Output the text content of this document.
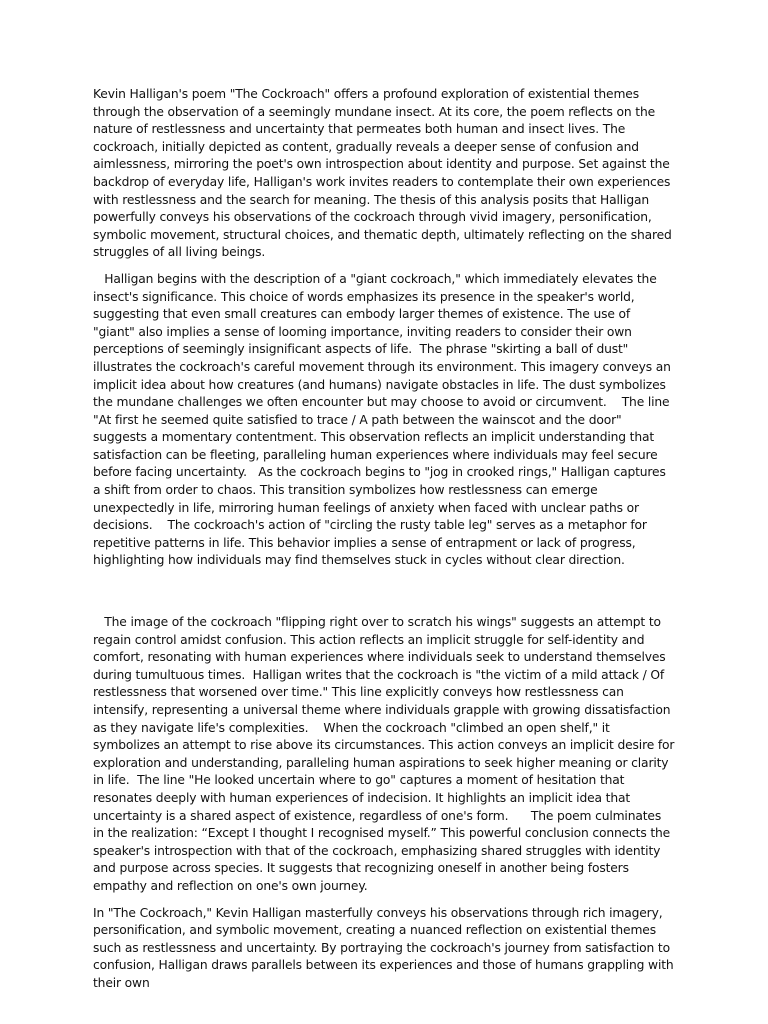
Kevin Halligan's poem "The Cockroach" offers a profound exploration of existential themes through the observation of a seemingly mundane insect. At its core, the poem reflects on the nature of restlessness and uncertainty that permeates both human and insect lives. The cockroach, initially depicted as content, gradually reveals a deeper sense of confusion and aimlessness, mirroring the poet's own introspection about identity and purpose. Set against the backdrop of everyday life, Halligan's work invites readers to contemplate their own experiences with restlessness and the search for meaning. The thesis of this analysis posits that Halligan powerfully conveys his observations of the cockroach through vivid imagery, personification, symbolic movement, structural choices, and thematic depth, ultimately reflecting on the shared struggles of all living beings.

Halligan begins with the description of a "giant cockroach," which immediately elevates the insect's significance. This choice of words emphasizes its presence in the speaker's world, suggesting that even small creatures can embody larger themes of existence. The use of "giant" also implies a sense of looming importance, inviting readers to consider their own perceptions of seemingly insignificant aspects of life.  The phrase "skirting a ball of dust" illustrates the cockroach's careful movement through its environment. This imagery conveys an implicit idea about how creatures (and humans) navigate obstacles in life. The dust symbolizes the mundane challenges we often encounter but may choose to avoid or circumvent.    The line "At first he seemed quite satisfied to trace / A path between the wainscot and the door" suggests a momentary contentment. This observation reflects an implicit understanding that satisfaction can be fleeting, paralleling human experiences where individuals may feel secure before facing uncertainty.   As the cockroach begins to "jog in crooked rings," Halligan captures a shift from order to chaos. This transition symbolizes how restlessness can emerge unexpectedly in life, mirroring human feelings of anxiety when faced with unclear paths or decisions.    The cockroach's action of "circling the rusty table leg" serves as a metaphor for repetitive patterns in life. This behavior implies a sense of entrapment or lack of progress, highlighting how individuals may find themselves stuck in cycles without clear direction.

The image of the cockroach "flipping right over to scratch his wings" suggests an attempt to regain control amidst confusion. This action reflects an implicit struggle for self-identity and comfort, resonating with human experiences where individuals seek to understand themselves during tumultuous times.  Halligan writes that the cockroach is "the victim of a mild attack / Of restlessness that worsened over time." This line explicitly conveys how restlessness can intensify, representing a universal theme where individuals grapple with growing dissatisfaction as they navigate life's complexities.    When the cockroach "climbed an open shelf," it symbolizes an attempt to rise above its circumstances. This action conveys an implicit desire for exploration and understanding, paralleling human aspirations to seek higher meaning or clarity in life.  The line "He looked uncertain where to go" captures a moment of hesitation that resonates deeply with human experiences of indecision. It highlights an implicit idea that uncertainty is a shared aspect of existence, regardless of one's form.      The poem culminates in the realization: “Except I thought I recognised myself.” This powerful conclusion connects the speaker's introspection with that of the cockroach, emphasizing shared struggles with identity and purpose across species. It suggests that recognizing oneself in another being fosters empathy and reflection on one's own journey.

In "The Cockroach," Kevin Halligan masterfully conveys his observations through rich imagery, personification, and symbolic movement, creating a nuanced reflection on existential themes such as restlessness and uncertainty. By portraying the cockroach's journey from satisfaction to confusion, Halligan draws parallels between its experiences and those of humans grappling with their own
